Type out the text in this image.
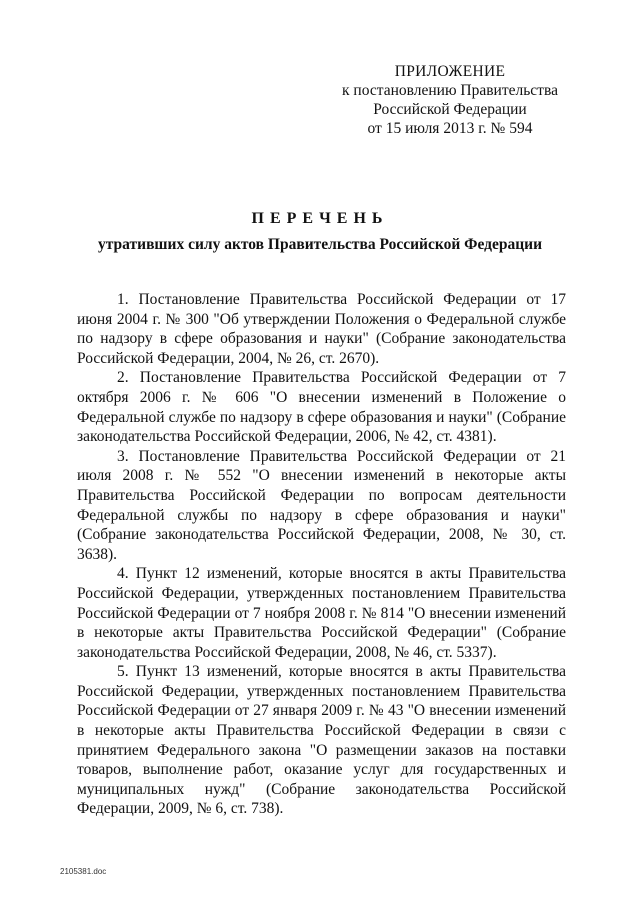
ПРИЛОЖЕНИЕ
к постановлению Правительства
Российской Федерации
от 15 июля 2013 г. № 594
ПЕРЕЧЕНЬ
утративших силу актов Правительства Российской Федерации

1. Постановление Правительства Российской Федерации от 17 июня 2004 г. № 300 "Об утверждении Положения о Федеральной службе по надзору в сфере образования и науки" (Собрание законодательства Российской Федерации, 2004, № 26, ст. 2670).

2. Постановление Правительства Российской Федерации от 7 октября 2006 г. № 606 "О внесении изменений в Положение о Федеральной службе по надзору в сфере образования и науки" (Собрание законодательства Российской Федерации, 2006, № 42, ст. 4381).

3. Постановление Правительства Российской Федерации от 21 июля 2008 г. № 552 "О внесении изменений в некоторые акты Правительства Российской Федерации по вопросам деятельности Федеральной службы по надзору в сфере образования и науки" (Собрание законодательства Российской Федерации, 2008, № 30, ст. 3638).

4. Пункт 12 изменений, которые вносятся в акты Правительства Российской Федерации, утвержденных постановлением Правительства Российской Федерации от 7 ноября 2008 г. № 814 "О внесении изменений в некоторые акты Правительства Российской Федерации" (Собрание законодательства Российской Федерации, 2008, № 46, ст. 5337).

5. Пункт 13 изменений, которые вносятся в акты Правительства Российской Федерации, утвержденных постановлением Правительства Российской Федерации от 27 января 2009 г. № 43 "О внесении изменений в некоторые акты Правительства Российской Федерации в связи с принятием Федерального закона "О размещении заказов на поставки товаров, выполнение работ, оказание услуг для государственных и муниципальных нужд" (Собрание законодательства Российской Федерации, 2009, № 6, ст. 738).

2105381.doc
